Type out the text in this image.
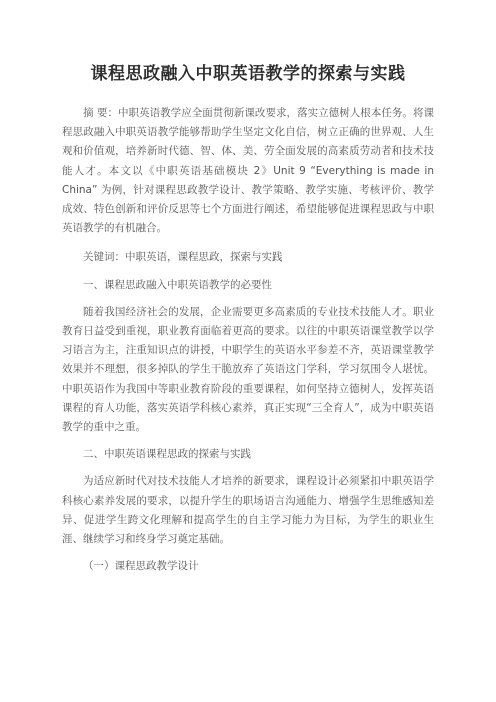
课程思政融入中职英语教学的探索与实践

摘 要：中职英语教学应全面贯彻新课改要求，落实立德树人根本任务。将课程思政融入中职英语教学能够帮助学生坚定文化自信，树立正确的世界观、人生观和价值观，培养新时代德、智、体、美、劳全面发展的高素质劳动者和技术技能人才。本文以《中职英语基础模块 2》Unit 9 “Everything is made in China” 为例，针对课程思政教学设计、教学策略、教学实施、考核评价、教学成效、特色创新和评价反思等七个方面进行阐述，希望能够促进课程思政与中职英语教学的有机融合。

关键词：中职英语，课程思政，探索与实践

一、课程思政融入中职英语教学的必要性

随着我国经济社会的发展，企业需要更多高素质的专业技术技能人才。职业教育日益受到重视，职业教育面临着更高的要求。以往的中职英语课堂教学以学习语言为主，注重知识点的讲授，中职学生的英语水平参差不齐，英语课堂教学效果并不理想，很多掉队的学生干脆放弃了英语这门学科，学习氛围令人堪忧。中职英语作为我国中等职业教育阶段的重要课程，如何坚持立德树人，发挥英语课程的育人功能，落实英语学科核心素养，真正实现“三全育人”，成为中职英语教学的重中之重。

二、中职英语课程思政的探索与实践

为适应新时代对技术技能人才培养的新要求，课程设计必须紧扣中职英语学科核心素养发展的要求，以提升学生的职场语言沟通能力、增强学生思维感知差异、促进学生跨文化理解和提高学生的自主学习能力为目标，为学生的职业生涯、继续学习和终身学习奠定基础。

（一）课程思政教学设计
